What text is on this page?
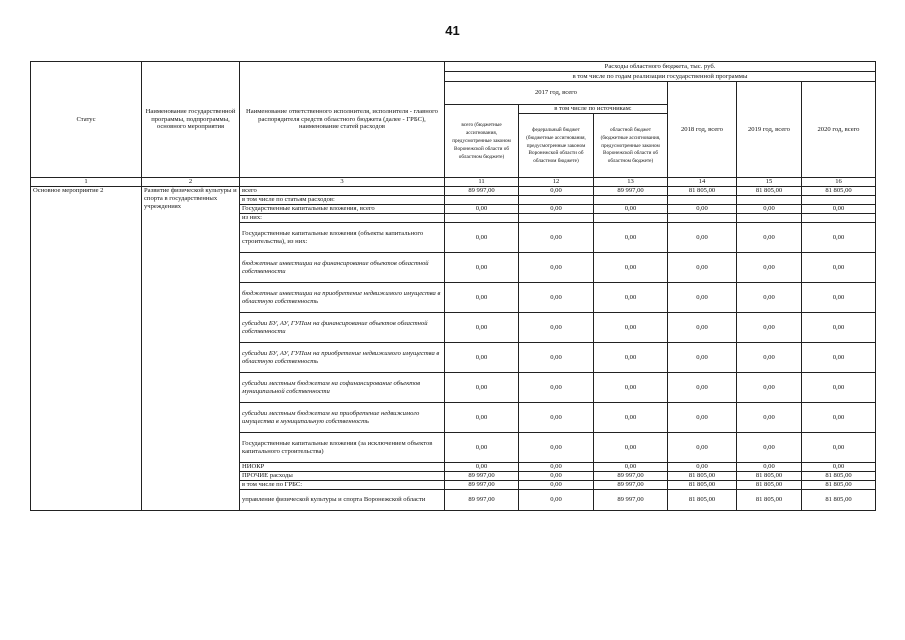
41
Статус	Наименование государственной программы, подпрограммы, основного мероприятия	Наименование ответственного исполнителя, исполнителя - главного распорядителя средств областного бюджета (далее - ГРБС), наименование статей расходов	Расходы областного бюджета, тыс. руб.					
			в том числе по годам реализации государственной программы					
			2017 год, всего			2018 год, всего	2019 год, всего	2020 год, всего
			всего (бюджетные ассигнования, предусмотренные законом Воронежской области об областном бюджете)	в том числе по источникам:				
				федеральный бюджет (бюджетные ассигнования, предусмотренные законом Воронежской области об областном бюджете)	областной бюджет (бюджетные ассигнования, предусмотренные законом Воронежской области об областном бюджете)			
1	2	3	11	12	13	14	15	16
Основное мероприятие 2	Развитие физической культуры и спорта в государственных учреждениях	всего	89 997,00	0,00	89 997,00	81 805,00	81 805,00	81 805,00
		в том числе по статьям расходов:						
		Государственные капитальные вложения, всего	0,00	0,00	0,00	0,00	0,00	0,00
		из них:						
		Государственные капитальные вложения (объекты капитального строительства), из них:	0,00	0,00	0,00	0,00	0,00	0,00
		бюджетные инвестиции на финансирование объектов областной собственности	0,00	0,00	0,00	0,00	0,00	0,00
		бюджетные инвестиции на приобретение недвижимого имущества в областную собственность	0,00	0,00	0,00	0,00	0,00	0,00
		субсидии БУ, АУ, ГУПам на финансирование объектов областной собственности	0,00	0,00	0,00	0,00	0,00	0,00
		субсидии БУ, АУ, ГУПам на приобретение недвижимого имущества в областную собственность	0,00	0,00	0,00	0,00	0,00	0,00
		субсидии местным бюджетам на софинансирование объектов муниципальной собственности	0,00	0,00	0,00	0,00	0,00	0,00
		субсидии местным бюджетам на приобретение недвижимого имущества в муниципальную собственность	0,00	0,00	0,00	0,00	0,00	0,00
		Государственные капитальные вложения (за исключением объектов капитального строительства)	0,00	0,00	0,00	0,00	0,00	0,00
		НИОКР	0,00	0,00	0,00	0,00	0,00	0,00
		ПРОЧИЕ расходы	89 997,00	0,00	89 997,00	81 805,00	81 805,00	81 805,00
		в том числе по ГРБС:	89 997,00	0,00	89 997,00	81 805,00	81 805,00	81 805,00
		управление физической культуры и спорта Воронежской области	89 997,00	0,00	89 997,00	81 805,00	81 805,00	81 805,00
